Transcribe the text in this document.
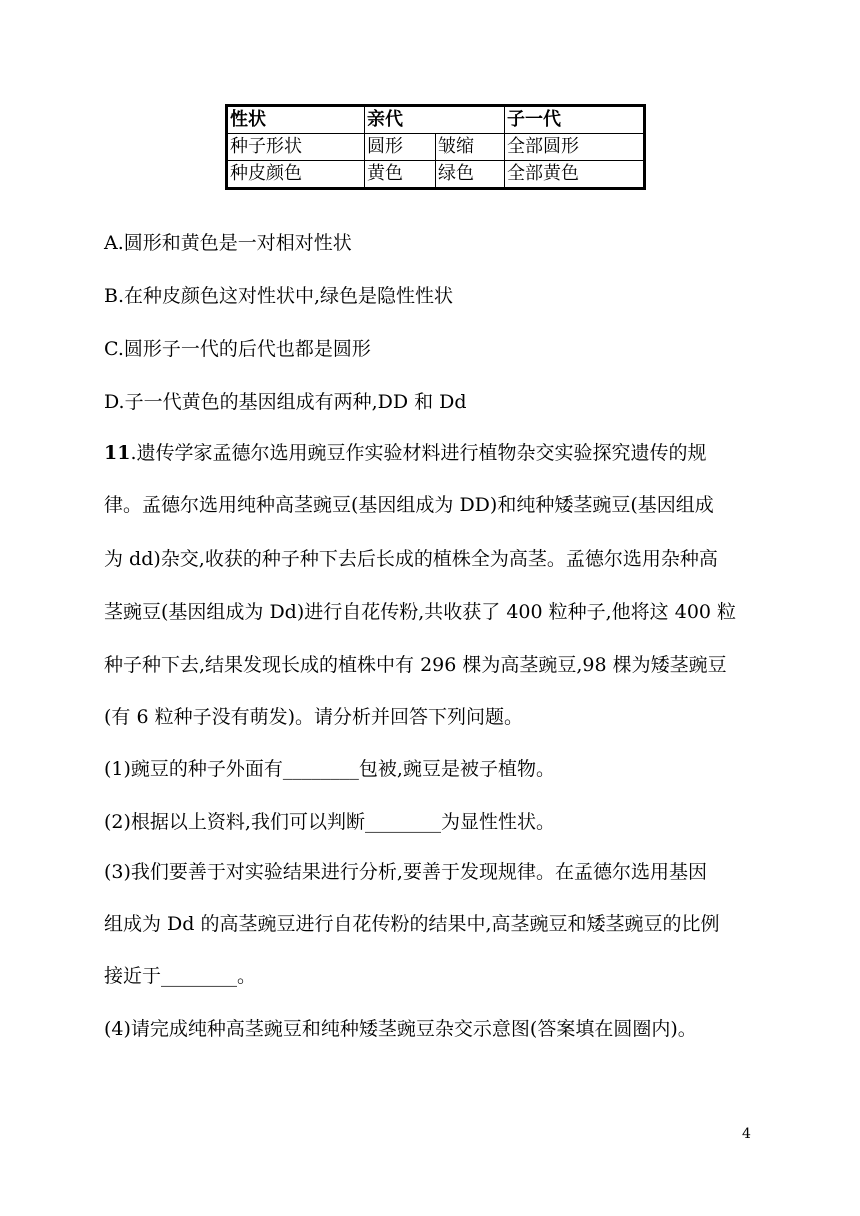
性状	亲代		子一代
种子形状	圆形	皱缩	全部圆形
种皮颜色	黄色	绿色	全部黄色
A.圆形和黄色是一对相对性状
B.在种皮颜色这对性状中,绿色是隐性性状
C.圆形子一代的后代也都是圆形
D.子一代黄色的基因组成有两种,DD 和 Dd
11.遗传学家孟德尔选用豌豆作实验材料进行植物杂交实验探究遗传的规
律。孟德尔选用纯种高茎豌豆(基因组成为 DD)和纯种矮茎豌豆(基因组成
为 dd)杂交,收获的种子种下去后长成的植株全为高茎。孟德尔选用杂种高
茎豌豆(基因组成为 Dd)进行自花传粉,共收获了 400 粒种子,他将这 400 粒
种子种下去,结果发现长成的植株中有 296 棵为高茎豌豆,98 棵为矮茎豌豆
(有 6 粒种子没有萌发)。请分析并回答下列问题。
(1)豌豆的种子外面有________包被,豌豆是被子植物。
(2)根据以上资料,我们可以判断________为显性性状。
(3)我们要善于对实验结果进行分析,要善于发现规律。在孟德尔选用基因
组成为 Dd 的高茎豌豆进行自花传粉的结果中,高茎豌豆和矮茎豌豆的比例
接近于________。
(4)请完成纯种高茎豌豆和纯种矮茎豌豆杂交示意图(答案填在圆圈内)。
4
